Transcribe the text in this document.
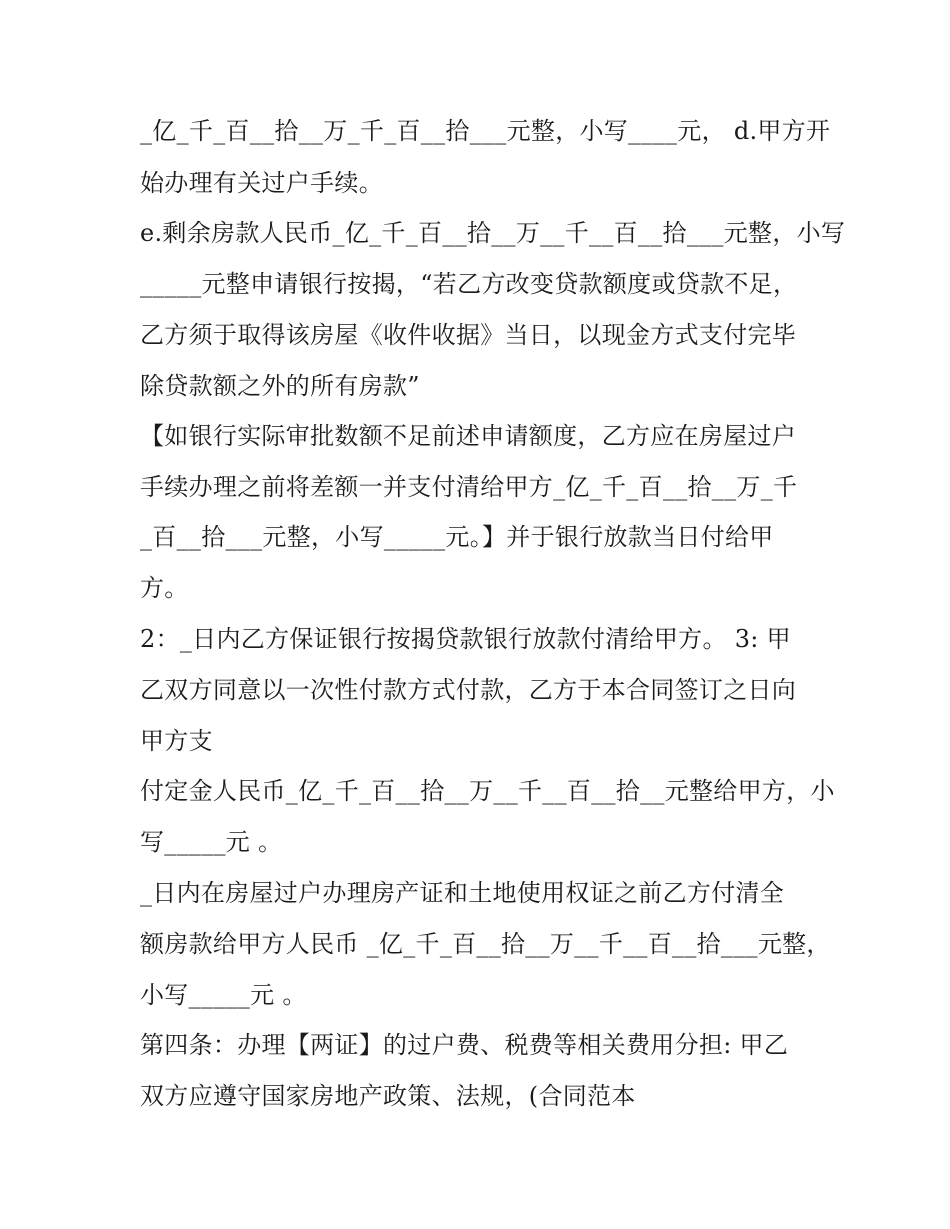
_亿_千_百__拾__万_千_百__拾___元整，小写____元， d.甲方开
始办理有关过户手续。
e.剩余房款人民币_亿_千_百__拾__万__千__百__拾___元整，小写
_____元整申请银行按揭，“若乙方改变贷款额度或贷款不足，
乙方须于取得该房屋《收件收据》当日，以现金方式支付完毕
除贷款额之外的所有房款”
【如银行实际审批数额不足前述申请额度，乙方应在房屋过户
手续办理之前将差额一并支付清给甲方_亿_千_百__拾__万_千
_百__拾___元整，小写_____元。】并于银行放款当日付给甲
方。
2：_日内乙方保证银行按揭贷款银行放款付清给甲方。 3: 甲
乙双方同意以一次性付款方式付款，乙方于本合同签订之日向
甲方支
付定金人民币_亿_千_百__拾__万__千__百__拾__元整给甲方，小
写_____元 。
_日内在房屋过户办理房产证和土地使用权证之前乙方付清全
额房款给甲方人民币 _亿_千_百__拾__万__千__百__拾___元整，
小写_____元 。
第四条：办理【两证】的过户费、税费等相关费用分担: 甲乙
双方应遵守国家房地产政策、法规，(合同范本
